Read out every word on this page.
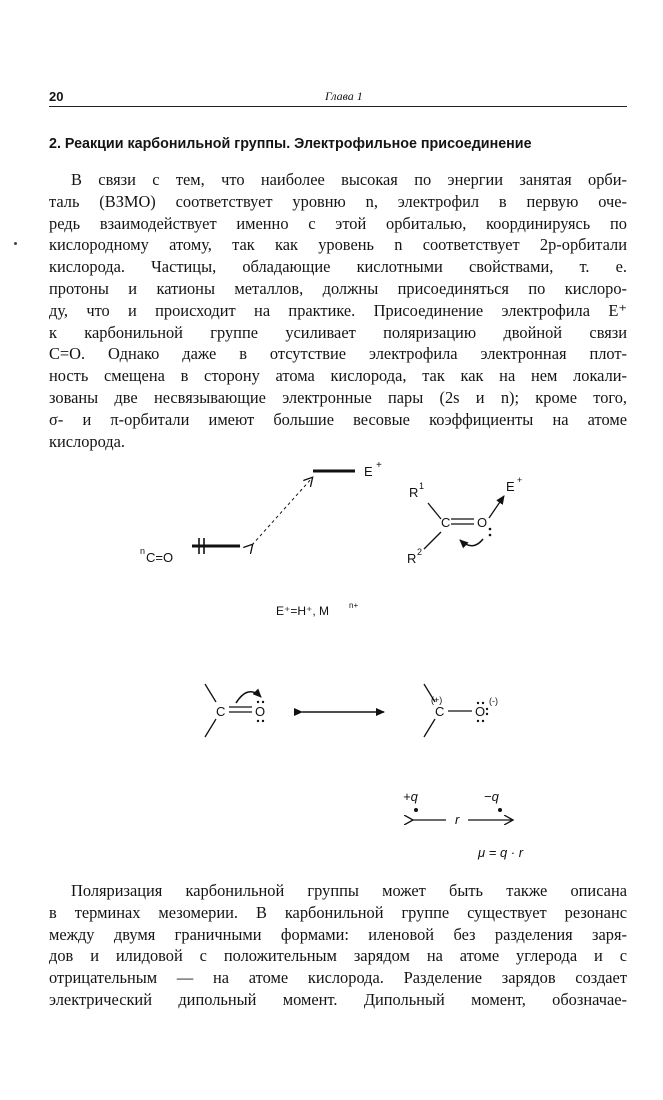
20	Глава 1
2. Реакции карбонильной группы. Электрофильное присоединение
В связи с тем, что наиболее высокая по энергии занятая орби-
таль (ВЗМО) соответствует уровню n, электрофил в первую оче-
редь взаимодействует именно с этой орбиталью, координируясь по
кислородному атому, так как уровень n соответствует 2p-орбитали
кислорода. Частицы, обладающие кислотными свойствами, т. е.
протоны и катионы металлов, должны присоединяться по кислоро-
ду, что и происходит на практике. Присоединение электрофила E⁺
к карбонильной группе усиливает поляризацию двойной связи
C=O. Однако даже в отсутствие электрофила электронная плот-
ность смещена в сторону атома кислорода, так как на нем локали-
зованы две несвязывающие электронные пары (2s и n); кроме того,
σ- и π-орбитали имеют большие весовые коэффициенты на атоме
кислорода.
E +
n C=O
R 1
C O
R 2
E +
E⁺=H⁺, M n+
C O	C
(+)
O
(-)
+q	−q
r
μ = q · r
Поляризация карбонильной группы может быть также описана
в терминах мезомерии. В карбонильной группе существует резонанс
между двумя граничными формами: иленовой без разделения заря-
дов и илидовой с положительным зарядом на атоме углерода и с
отрицательным — на атоме кислорода. Разделение зарядов создает
электрический дипольный момент. Дипольный момент, обозначае-
